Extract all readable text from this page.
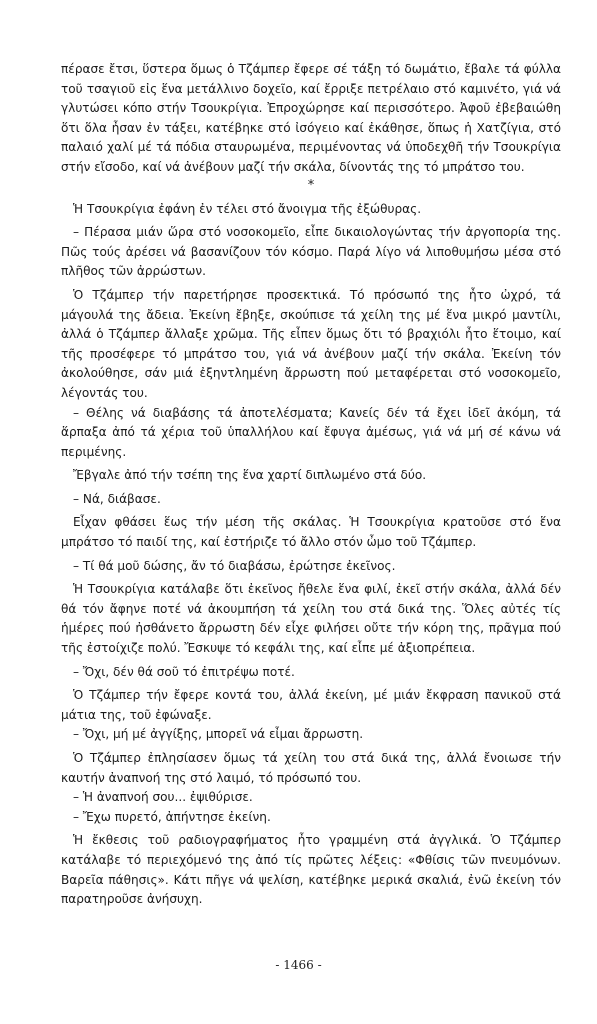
πέρασε ἔτσι, ὕστερα ὅμως ὁ Τζάμπερ ἔφερε σέ τάξη τό δωμάτιο, ἔβαλε τά φύλλα τοῦ τσαγιοῦ εἰς ἕνα μετάλλινο δοχεῖο, καί ἔρριξε πετρέλαιο στό καμινέτο, γιά νά γλυτώσει κόπο στήν Τσουκρίγια. Ἐπροχώρησε καί περισσότερο. Ἀφοῦ ἐβεβαιώθη ὅτι ὅλα ἦσαν ἐν τάξει, κατέβηκε στό ἰσόγειο καί ἐκάθησε, ὅπως ἡ Χατζίγια, στό παλαιό χαλί μέ τά πόδια σταυρωμένα, περιμένοντας νά ὑποδεχθῆ τήν Τσουκρίγια στήν εἴσοδο, καί νά ἀνέβουν μαζί τήν σκάλα, δίνοντάς της τό μπράτσο του.

*

Ἡ Τσουκρίγια ἐφάνη ἐν τέλει στό ἄνοιγμα τῆς ἐξώθυρας.

– Πέρασα μιάν ὥρα στό νοσοκομεῖο, εἶπε δικαιολογώντας τήν ἀργοπορία της. Πῶς τούς ἀρέσει νά βασανίζουν τόν κόσμο. Παρά λίγο νά λιποθυμήσω μέσα στό πλῆθος τῶν ἀρρώστων.

Ὁ Τζάμπερ τήν παρετήρησε προσεκτικά. Τό πρόσωπό της ἦτο ὠχρό, τά μάγουλά της ἄδεια. Ἐκείνη ἔβηξε, σκούπισε τά χείλη της μέ ἕνα μικρό μαντίλι, ἀλλά ὁ Τζάμπερ ἄλλαξε χρῶμα. Τῆς εἶπεν ὅμως ὅτι τό βραχιόλι ἦτο ἕτοιμο, καί τῆς προσέφερε τό μπράτσο του, γιά νά ἀνέβουν μαζί τήν σκάλα. Ἐκείνη τόν ἀκολούθησε, σάν μιά ἐξηντλημένη ἄρρωστη πού μεταφέρεται στό νοσοκομεῖο, λέγοντάς του.

– Θέλης νά διαβάσης τά ἀποτελέσματα; Κανείς δέν τά ἔχει ἰδεῖ ἀκόμη, τά ἅρπαξα ἀπό τά χέρια τοῦ ὑπαλλήλου καί ἔφυγα ἀμέσως, γιά νά μή σέ κάνω νά περιμένης.

Ἔβγαλε ἀπό τήν τσέπη της ἕνα χαρτί διπλωμένο στά δύο.

– Νά, διάβασε.

Εἶχαν φθάσει ἕως τήν μέση τῆς σκάλας. Ἡ Τσουκρίγια κρατοῦσε στό ἕνα μπράτσο τό παιδί της, καί ἐστήριζε τό ἄλλο στόν ὦμο τοῦ Τζάμπερ.

– Τί θά μοῦ δώσης, ἄν τό διαβάσω, ἐρώτησε ἐκεῖνος.

Ἡ Τσουκρίγια κατάλαβε ὅτι ἐκεῖνος ἤθελε ἕνα φιλί, ἐκεῖ στήν σκάλα, ἀλλά δέν θά τόν ἄφηνε ποτέ νά ἀκουμπήση τά χείλη του στά δικά της. Ὅλες αὐτές τίς ἡμέρες πού ἠσθάνετο ἄρρωστη δέν εἶχε φιλήσει οὔτε τήν κόρη της, πρᾶγμα πού τῆς ἐστοίχιζε πολύ. Ἔσκυψε τό κεφάλι της, καί εἶπε μέ ἀξιοπρέπεια.

– Ὄχι, δέν θά σοῦ τό ἐπιτρέψω ποτέ.

Ὁ Τζάμπερ τήν ἔφερε κοντά του, ἀλλά ἐκείνη, μέ μιάν ἔκφραση πανικοῦ στά μάτια της, τοῦ ἐφώναξε.

– Ὄχι, μή μέ ἀγγίξης, μπορεῖ νά εἶμαι ἄρρωστη.

Ὁ Τζάμπερ ἐπλησίασεν ὅμως τά χείλη του στά δικά της, ἀλλά ἔνοιωσε τήν καυτήν ἀναπνοή της στό λαιμό, τό πρόσωπό του.

– Ἡ ἀναπνοή σου... ἐψιθύρισε.

– Ἔχω πυρετό, ἀπήντησε ἐκείνη.

Ἡ ἔκθεσις τοῦ ραδιογραφήματος ἦτο γραμμένη στά ἀγγλικά. Ὁ Τζάμπερ κατάλαβε τό περιεχόμενό της ἀπό τίς πρῶτες λέξεις: «Φθίσις τῶν πνευμόνων. Βαρεῖα πάθησις». Κάτι πῆγε νά ψελίση, κατέβηκε μερικά σκαλιά, ἐνῶ ἐκείνη τόν παρατηροῦσε ἀνήσυχη.

- 1466 -
